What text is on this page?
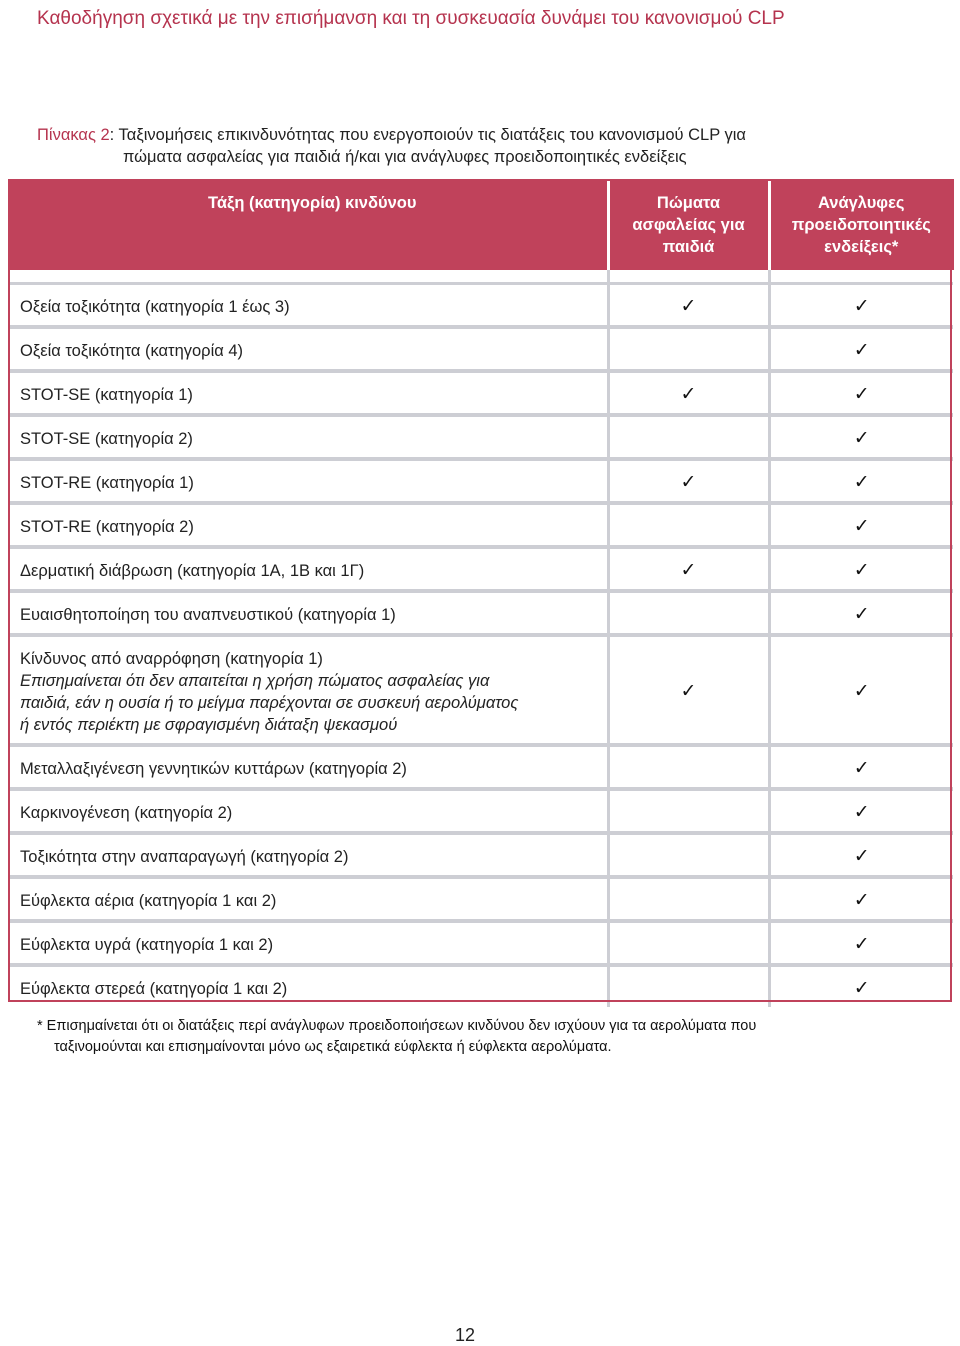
Καθοδήγηση σχετικά με την επισήμανση και τη συσκευασία δυνάμει του κανονισμού CLP

Πίνακας 2: Ταξινομήσεις επικινδυνότητας που ενεργοποιούν τις διατάξεις του κανονισμού CLP για
πώματα ασφαλείας για παιδιά ή/και για ανάγλυφες προειδοποιητικές ενδείξεις

Τάξη (κατηγορία) κινδύνου	Πώματα ασφαλείας για παιδιά	Ανάγλυφες προειδοποιητικές ενδείξεις*

Οξεία τοξικότητα (κατηγορία 1 έως 3)	✓	✓
Οξεία τοξικότητα (κατηγορία 4)		✓
STOT-SE (κατηγορία 1)	✓	✓
STOT-SE (κατηγορία 2)		✓
STOT-RE (κατηγορία 1)	✓	✓
STOT-RE (κατηγορία 2)		✓
Δερματική διάβρωση (κατηγορία 1A, 1B και 1Γ)	✓	✓
Ευαισθητοποίηση του αναπνευστικού (κατηγορία 1)		✓
Κίνδυνος από αναρρόφηση (κατηγορία 1)
Επισημαίνεται ότι δεν απαιτείται η χρήση πώματος ασφαλείας για
παιδιά, εάν η ουσία ή το μείγμα παρέχονται σε συσκευή αερολύματος
ή εντός περιέκτη με σφραγισμένη διάταξη ψεκασμού	✓	✓
Μεταλλαξιγένεση γεννητικών κυττάρων (κατηγορία 2)		✓
Καρκινογένεση (κατηγορία 2)		✓
Τοξικότητα στην αναπαραγωγή (κατηγορία 2)		✓
Εύφλεκτα αέρια (κατηγορία 1 και 2)		✓
Εύφλεκτα υγρά (κατηγορία 1 και 2)		✓
Εύφλεκτα στερεά (κατηγορία 1 και 2)		✓

* Επισημαίνεται ότι οι διατάξεις περί ανάγλυφων προειδοποιήσεων κινδύνου δεν ισχύουν για τα αερολύματα που
ταξινομούνται και επισημαίνονται μόνο ως εξαιρετικά εύφλεκτα ή εύφλεκτα αερολύματα.

12
